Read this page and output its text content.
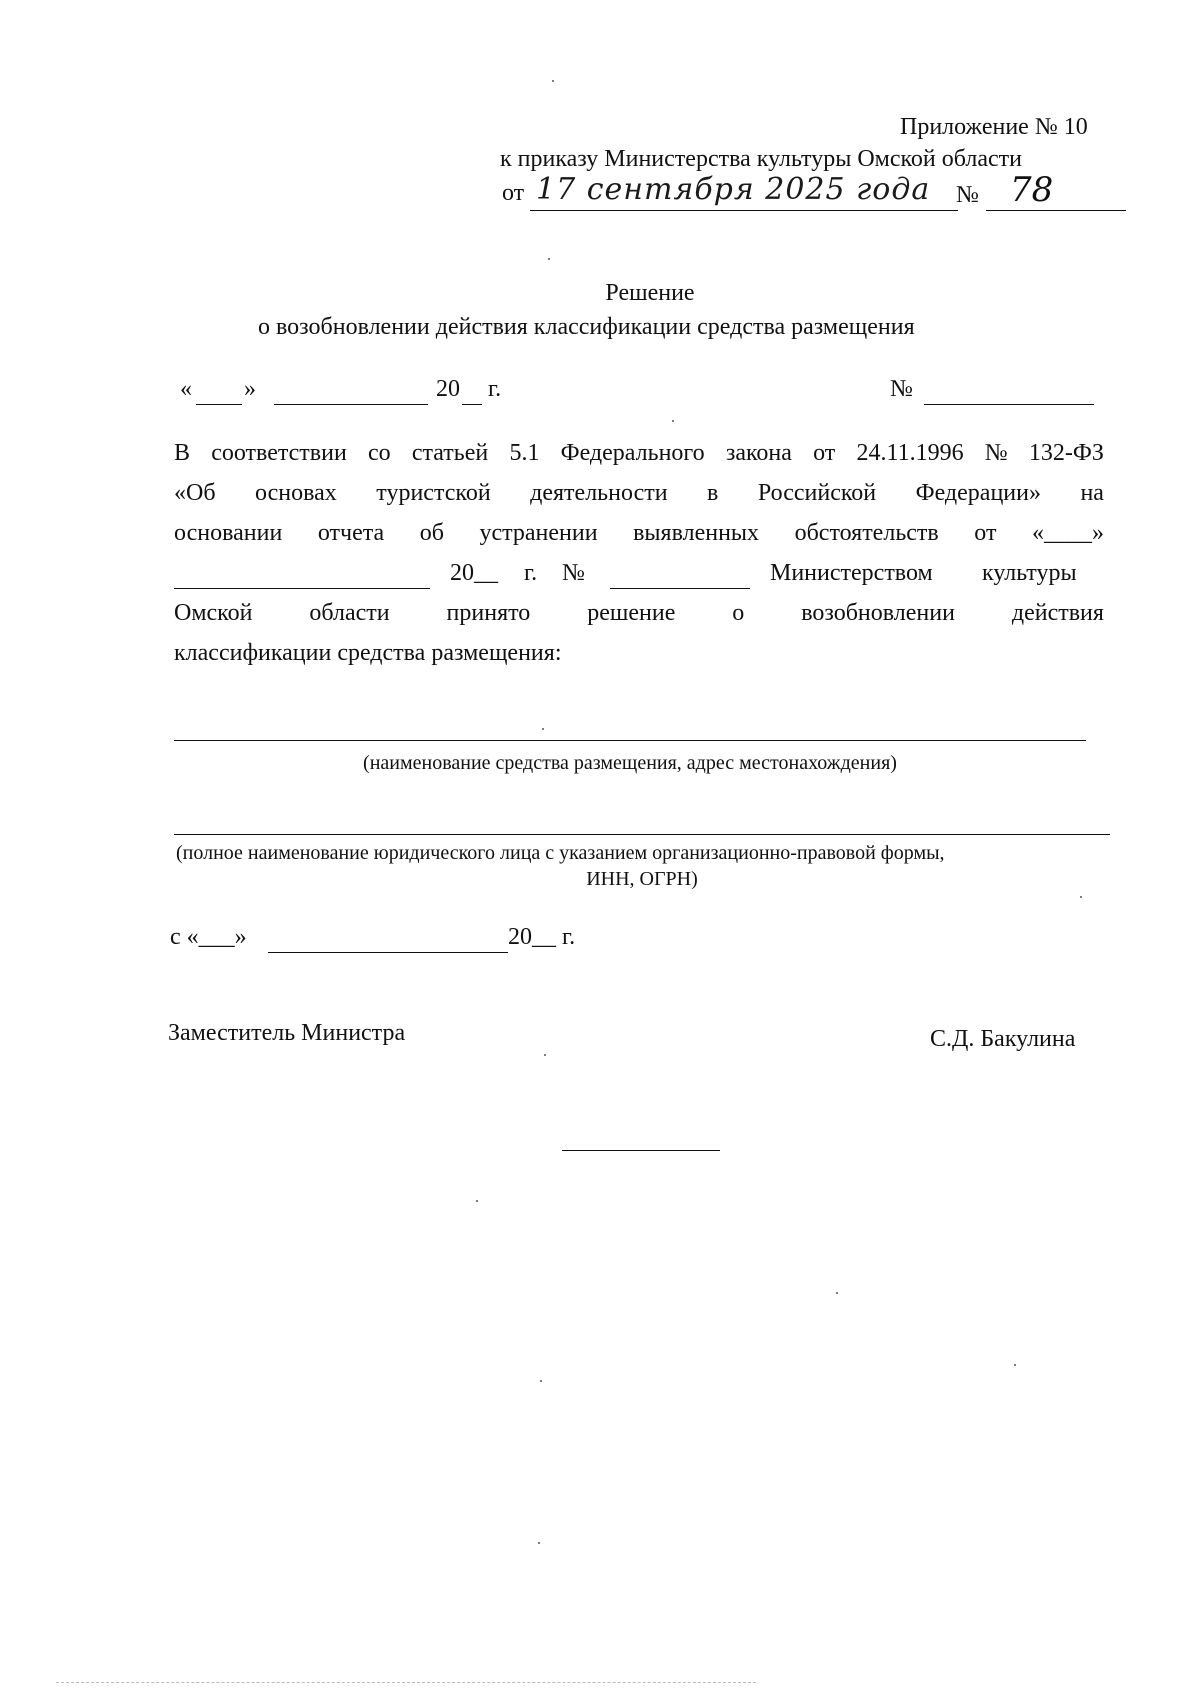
Приложение № 10
к приказу Министерства культуры Омской области
от 17 сентября 2025 года № 78
Решение
о возобновлении действия классификации средства размещения
« »	20 г.	№
В соответствии со статьей 5.1 Федерального закона от 24.11.1996 № 132-ФЗ
«Об основах туристской деятельности в Российской Федерации» на
основании отчета об устранении выявленных обстоятельств от «____»
20__ г. №	Министерством культуры
Омской области принято решение о возобновлении действия
классификации средства размещения:
(наименование средства размещения, адрес местонахождения)
(полное наименование юридического лица с указанием организационно-правовой формы,
ИНН, ОГРН)
с «___»	20__ г.
Заместитель Министра	С.Д. Бакулина
